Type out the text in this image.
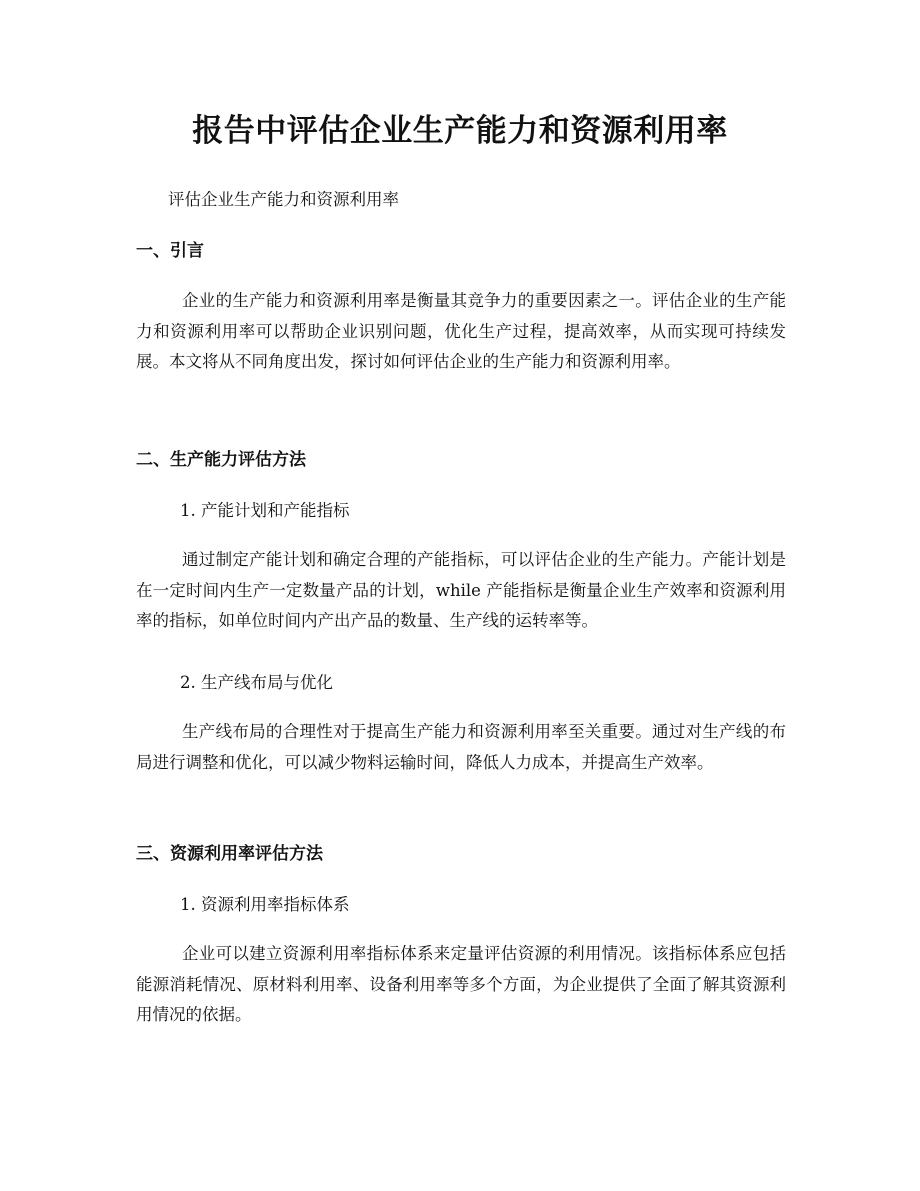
报告中评估企业生产能力和资源利用率

评估企业生产能力和资源利用率

一、引言

企业的生产能力和资源利用率是衡量其竞争力的重要因素之一。评估企业的生产能力和资源利用率可以帮助企业识别问题，优化生产过程，提高效率，从而实现可持续发展。本文将从不同角度出发，探讨如何评估企业的生产能力和资源利用率。

二、生产能力评估方法

1. 产能计划和产能指标

通过制定产能计划和确定合理的产能指标，可以评估企业的生产能力。产能计划是在一定时间内生产一定数量产品的计划，while 产能指标是衡量企业生产效率和资源利用率的指标，如单位时间内产出产品的数量、生产线的运转率等。

2. 生产线布局与优化

生产线布局的合理性对于提高生产能力和资源利用率至关重要。通过对生产线的布局进行调整和优化，可以减少物料运输时间，降低人力成本，并提高生产效率。

三、资源利用率评估方法

1. 资源利用率指标体系

企业可以建立资源利用率指标体系来定量评估资源的利用情况。该指标体系应包括能源消耗情况、原材料利用率、设备利用率等多个方面，为企业提供了全面了解其资源利用情况的依据。
